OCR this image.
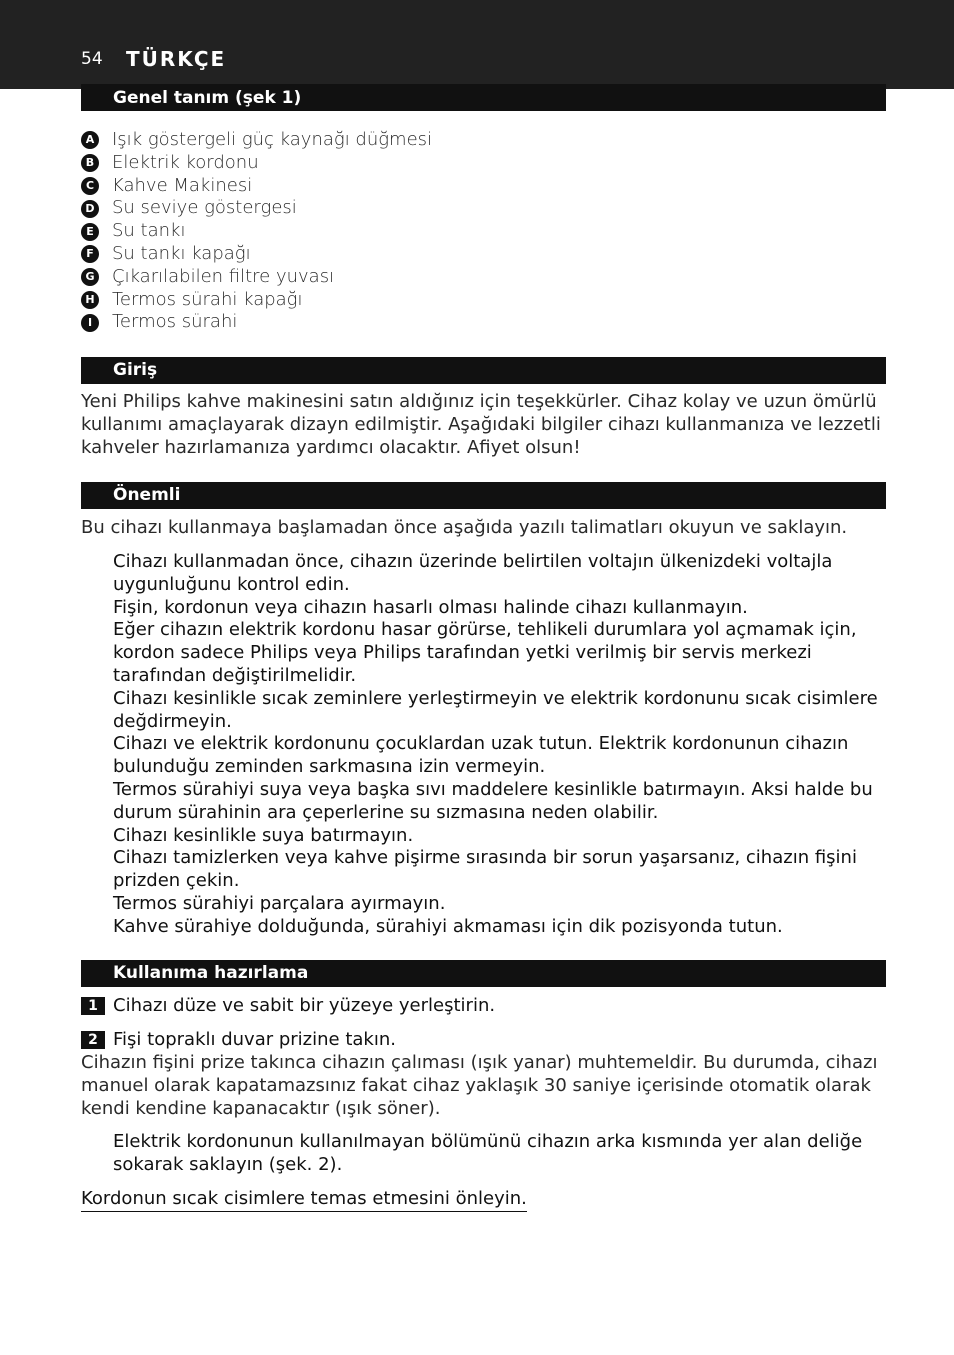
54 TÜRKÇE
Genel tanım (şek 1)
A Işık göstergeli güç kaynağı düğmesi
B Elektrik kordonu
C Kahve Makinesi
D Su seviye göstergesi
E Su tankı
F Su tankı kapağı
G Çıkarılabilen filtre yuvası
H Termos sürahi kapağı
I	Termos sürahi
Giriş
Yeni Philips kahve makinesini satın aldığınız için teşekkürler. Cihaz kolay ve uzun ömürlü kullanımı amaçlayarak dizayn edilmiştir. Aşağıdaki bilgiler cihazı kullanmanıza ve lezzetli kahveler hazırlamanıza yardımcı olacaktır. Afiyet olsun!
Önemli
Bu cihazı kullanmaya başlamadan önce aşağıda yazılı talimatları okuyun ve saklayın.

Cihazı kullanmadan önce, cihazın üzerinde belirtilen voltajın ülkenizdeki voltajla uygunluğunu kontrol edin.

Fişin, kordonun veya cihazın hasarlı olması halinde cihazı kullanmayın.

Eğer cihazın elektrik kordonu hasar görürse, tehlikeli durumlara yol açmamak için, kordon sadece Philips veya Philips tarafından yetki verilmiş bir servis merkezi tarafından değiştirilmelidir.

Cihazı kesinlikle sıcak zeminlere yerleştirmeyin ve elektrik kordonunu sıcak cisimlere değdirmeyin.

Cihazı ve elektrik kordonunu çocuklardan uzak tutun. Elektrik kordonunun cihazın bulunduğu zeminden sarkmasına izin vermeyin.

Termos sürahiyi suya veya başka sıvı maddelere kesinlikle batırmayın. Aksi halde bu durum sürahinin ara çeperlerine su sızmasına neden olabilir.

Cihazı kesinlikle suya batırmayın.

Cihazı tamizlerken veya kahve pişirme sırasında bir sorun yaşarsanız, cihazın fişini prizden çekin.

Termos sürahiyi parçalara ayırmayın.

Kahve sürahiye dolduğunda, sürahiyi akmaması için dik pozisyonda tutun.

Kullanıma hazırlama
1 Cihazı düze ve sabit bir yüzeye yerleştirin.
2 Fişi topraklı duvar prizine takın.
Cihazın fişini prize takınca cihazın çalıması (ışık yanar) muhtemeldir. Bu durumda, cihazı manuel olarak kapatamazsınız fakat cihaz yaklaşık 30 saniye içerisinde otomatik olarak kendi kendine kapanacaktır (ışık söner).

Elektrik kordonunun kullanılmayan bölümünü cihazın arka kısmında yer alan deliğe sokarak saklayın (şek. 2).

Kordonun sıcak cisimlere temas etmesini önleyin.
